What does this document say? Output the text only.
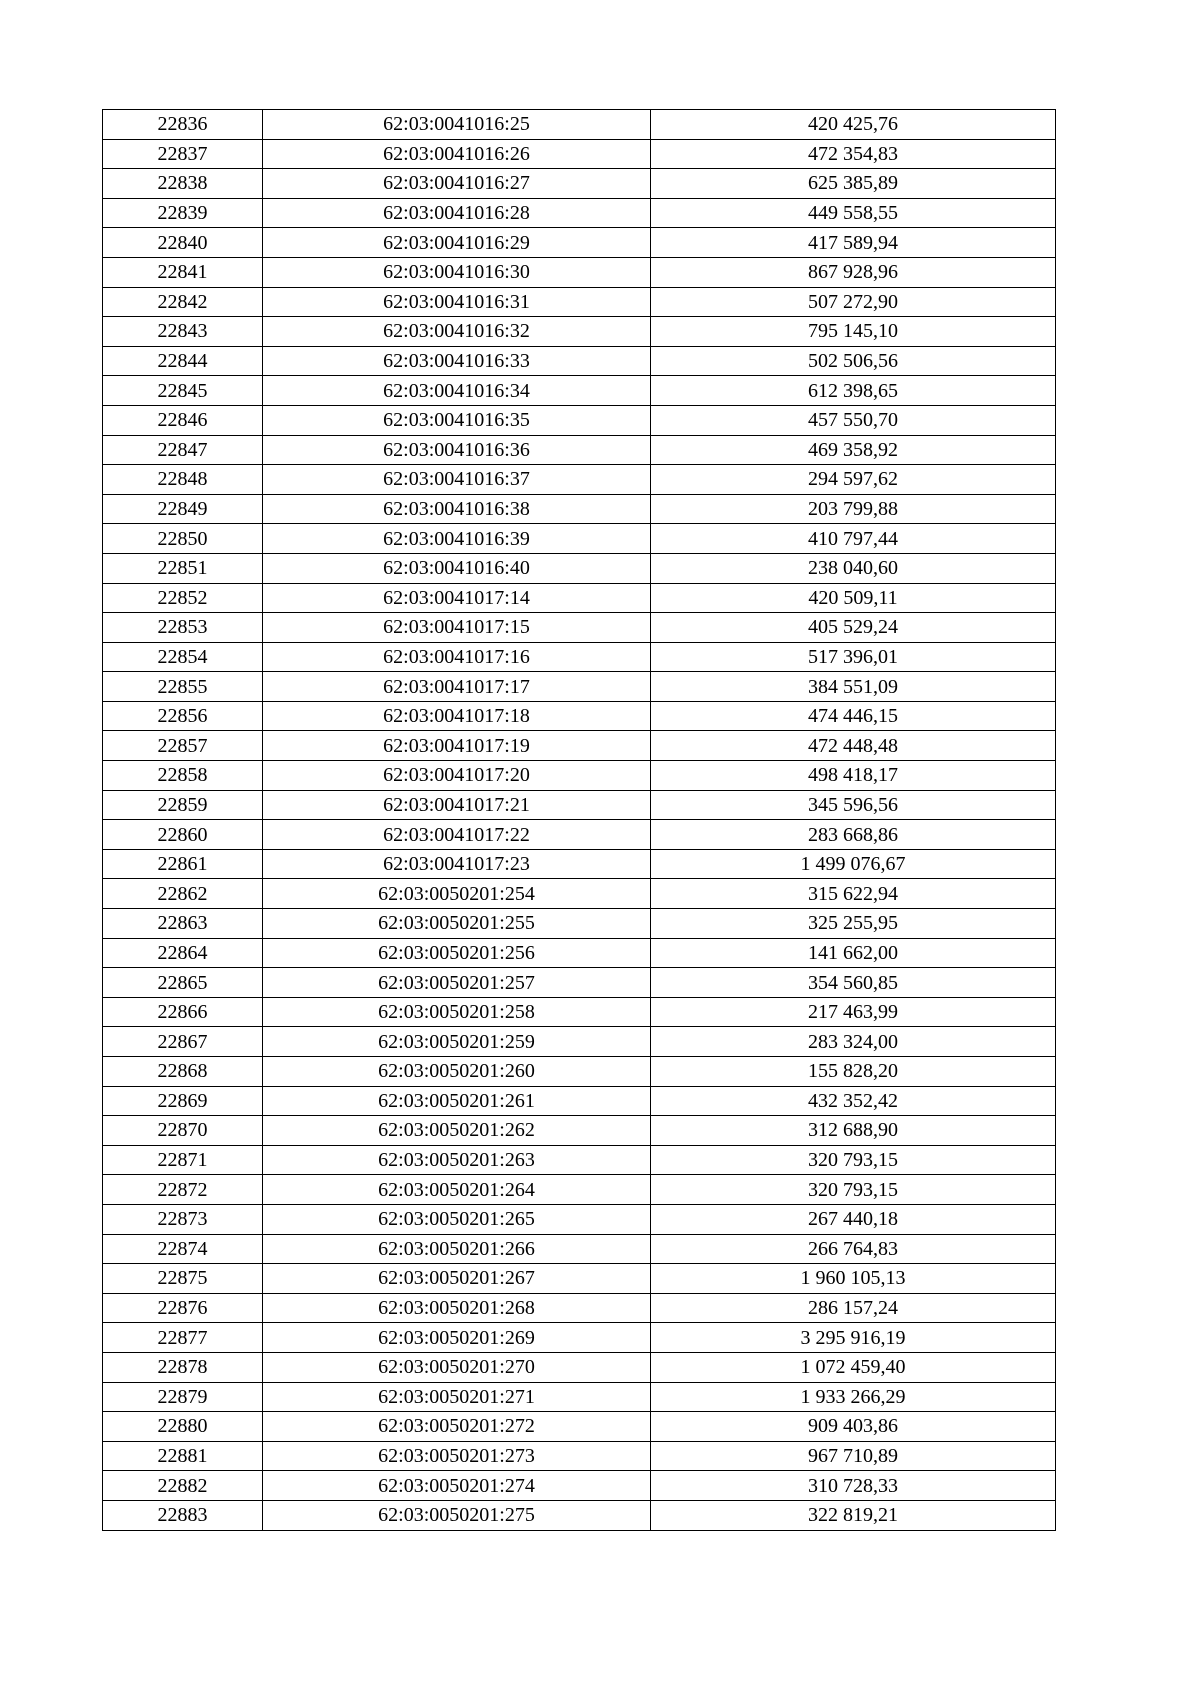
22836	62:03:0041016:25	420 425,76
22837	62:03:0041016:26	472 354,83
22838	62:03:0041016:27	625 385,89
22839	62:03:0041016:28	449 558,55
22840	62:03:0041016:29	417 589,94
22841	62:03:0041016:30	867 928,96
22842	62:03:0041016:31	507 272,90
22843	62:03:0041016:32	795 145,10
22844	62:03:0041016:33	502 506,56
22845	62:03:0041016:34	612 398,65
22846	62:03:0041016:35	457 550,70
22847	62:03:0041016:36	469 358,92
22848	62:03:0041016:37	294 597,62
22849	62:03:0041016:38	203 799,88
22850	62:03:0041016:39	410 797,44
22851	62:03:0041016:40	238 040,60
22852	62:03:0041017:14	420 509,11
22853	62:03:0041017:15	405 529,24
22854	62:03:0041017:16	517 396,01
22855	62:03:0041017:17	384 551,09
22856	62:03:0041017:18	474 446,15
22857	62:03:0041017:19	472 448,48
22858	62:03:0041017:20	498 418,17
22859	62:03:0041017:21	345 596,56
22860	62:03:0041017:22	283 668,86
22861	62:03:0041017:23	1 499 076,67
22862	62:03:0050201:254	315 622,94
22863	62:03:0050201:255	325 255,95
22864	62:03:0050201:256	141 662,00
22865	62:03:0050201:257	354 560,85
22866	62:03:0050201:258	217 463,99
22867	62:03:0050201:259	283 324,00
22868	62:03:0050201:260	155 828,20
22869	62:03:0050201:261	432 352,42
22870	62:03:0050201:262	312 688,90
22871	62:03:0050201:263	320 793,15
22872	62:03:0050201:264	320 793,15
22873	62:03:0050201:265	267 440,18
22874	62:03:0050201:266	266 764,83
22875	62:03:0050201:267	1 960 105,13
22876	62:03:0050201:268	286 157,24
22877	62:03:0050201:269	3 295 916,19
22878	62:03:0050201:270	1 072 459,40
22879	62:03:0050201:271	1 933 266,29
22880	62:03:0050201:272	909 403,86
22881	62:03:0050201:273	967 710,89
22882	62:03:0050201:274	310 728,33
22883	62:03:0050201:275	322 819,21
